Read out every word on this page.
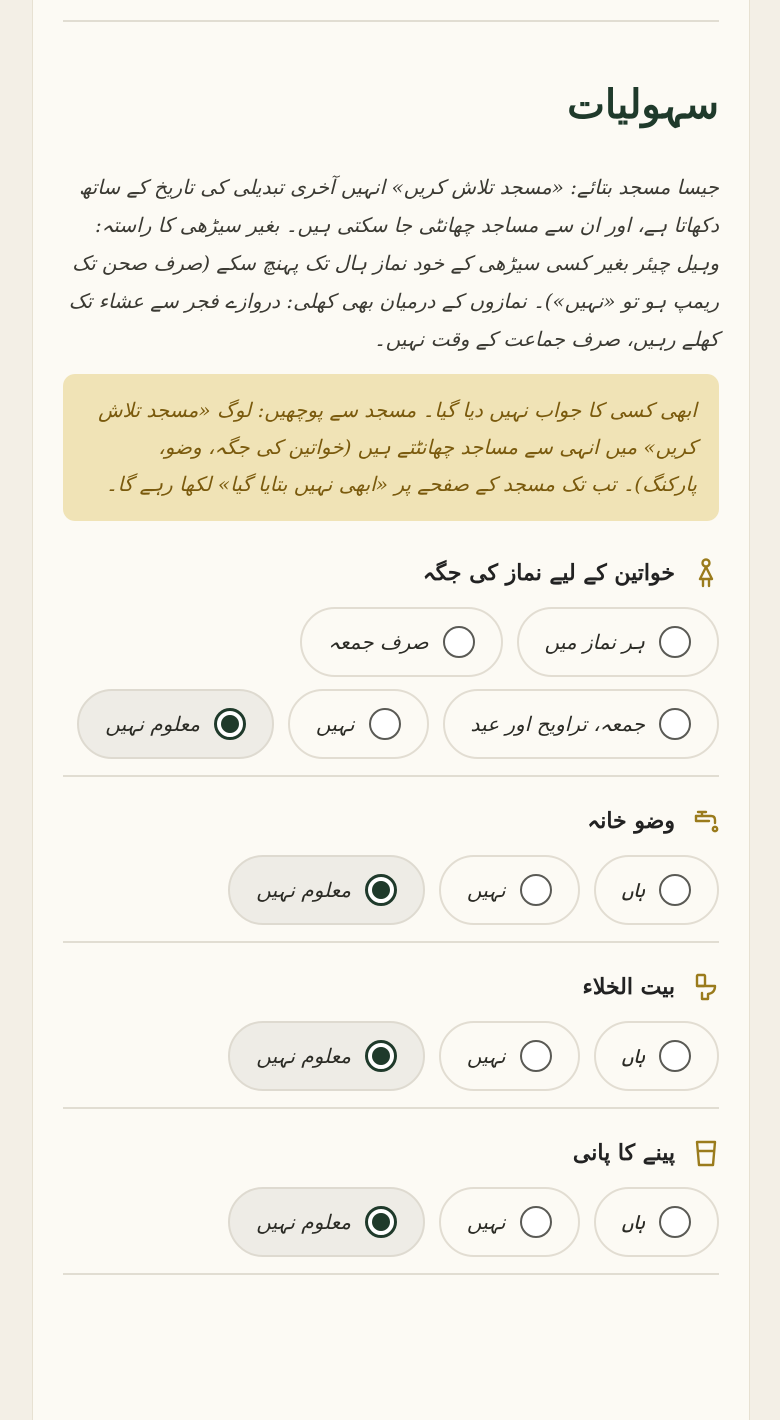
سہولیات

جیسا مسجد بتائے: «مسجد تلاش کریں» انہیں آخری تبدیلی کی تاریخ کے ساتھ دکھاتا ہے، اور ان سے مساجد چھانٹی جا سکتی ہیں۔ بغیر سیڑھی کا راستہ: وہیل چیئر بغیر کسی سیڑھی کے خود نماز ہال تک پہنچ سکے (صرف صحن تک ریمپ ہو تو «نہیں»)۔ نمازوں کے درمیان بھی کھلی: دروازے فجر سے عشاء تک کھلے رہیں، صرف جماعت کے وقت نہیں۔

ابھی کسی کا جواب نہیں دیا گیا۔ مسجد سے پوچھیں: لوگ «مسجد تلاش کریں» میں انہی سے مساجد چھانٹتے ہیں (خواتین کی جگہ، وضو، پارکنگ)۔ تب تک مسجد کے صفحے پر «ابھی نہیں بتایا گیا» لکھا رہے گا۔
خواتین کے لیے نماز کی جگہ
ہر نماز میں
صرف جمعہ
جمعہ، تراویح اور عید
نہیں
معلوم نہیں
وضو خانہ
ہاں
نہیں
معلوم نہیں
بیت الخلاء
ہاں
نہیں
معلوم نہیں
پینے کا پانی
ہاں
نہیں
معلوم نہیں
